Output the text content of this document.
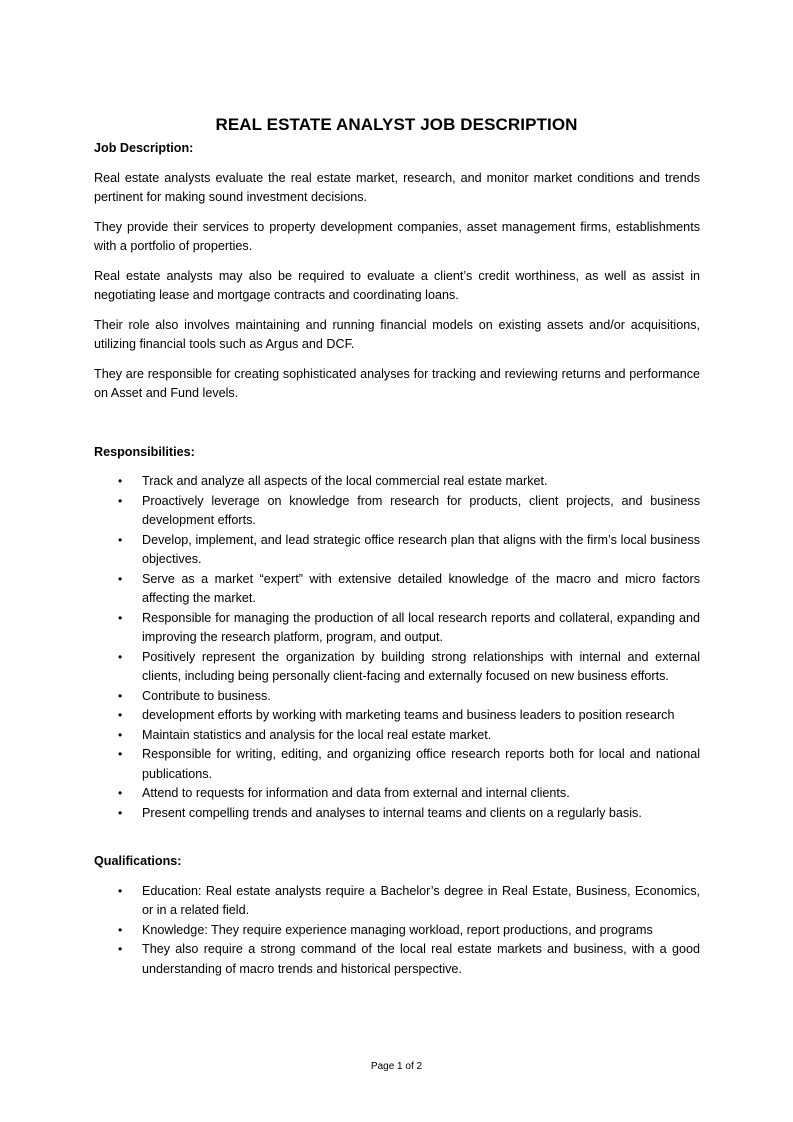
REAL ESTATE ANALYST JOB DESCRIPTION

Job Description:

Real estate analysts evaluate the real estate market, research, and monitor market conditions and trends pertinent for making sound investment decisions.

They provide their services to property development companies, asset management firms, establishments with a portfolio of properties.

Real estate analysts may also be required to evaluate a client’s credit worthiness, as well as assist in negotiating lease and mortgage contracts and coordinating loans.

Their role also involves maintaining and running financial models on existing assets and/or acquisitions, utilizing financial tools such as Argus and DCF.

They are responsible for creating sophisticated analyses for tracking and reviewing returns and performance on Asset and Fund levels.

Responsibilities:

• Track and analyze all aspects of the local commercial real estate market.
• Proactively leverage on knowledge from research for products, client projects, and business development efforts.
• Develop, implement, and lead strategic office research plan that aligns with the firm’s local business objectives.
• Serve as a market “expert” with extensive detailed knowledge of the macro and micro factors affecting the market.
• Responsible for managing the production of all local research reports and collateral, expanding and improving the research platform, program, and output.
• Positively represent the organization by building strong relationships with internal and external clients, including being personally client-facing and externally focused on new business efforts.
• Contribute to business.
• development efforts by working with marketing teams and business leaders to position research
• Maintain statistics and analysis for the local real estate market.
• Responsible for writing, editing, and organizing office research reports both for local and national publications.
• Attend to requests for information and data from external and internal clients.
• Present compelling trends and analyses to internal teams and clients on a regularly basis.

Qualifications:

• Education: Real estate analysts require a Bachelor’s degree in Real Estate, Business, Economics, or in a related field.
• Knowledge: They require experience managing workload, report productions, and programs
• They also require a strong command of the local real estate markets and business, with a good understanding of macro trends and historical perspective.
Page 1 of 2
